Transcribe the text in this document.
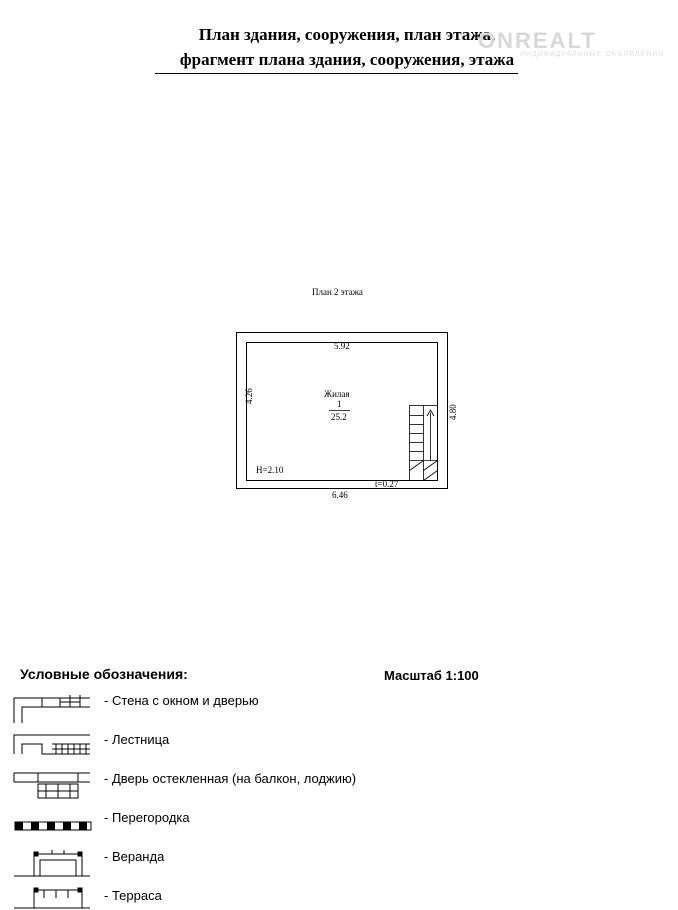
План здания, сооружения, план этажа,
фрагмент плана здания, сооружения, этажа
ONREALT
ИНДИВИДУАЛЬНЫЕ ОБЪЯВЛЕНИЯ
План 2 этажа
5.92
4.26
4.80
6.46
Жилая
1
25.2
H=2.10
t=0.27
Условные обозначения:	Масштаб 1:100
- Стена с окном и дверью
- Лестница
- Дверь остекленная (на балкон, лоджию)
- Перегородка
- Веранда
- Терраса
